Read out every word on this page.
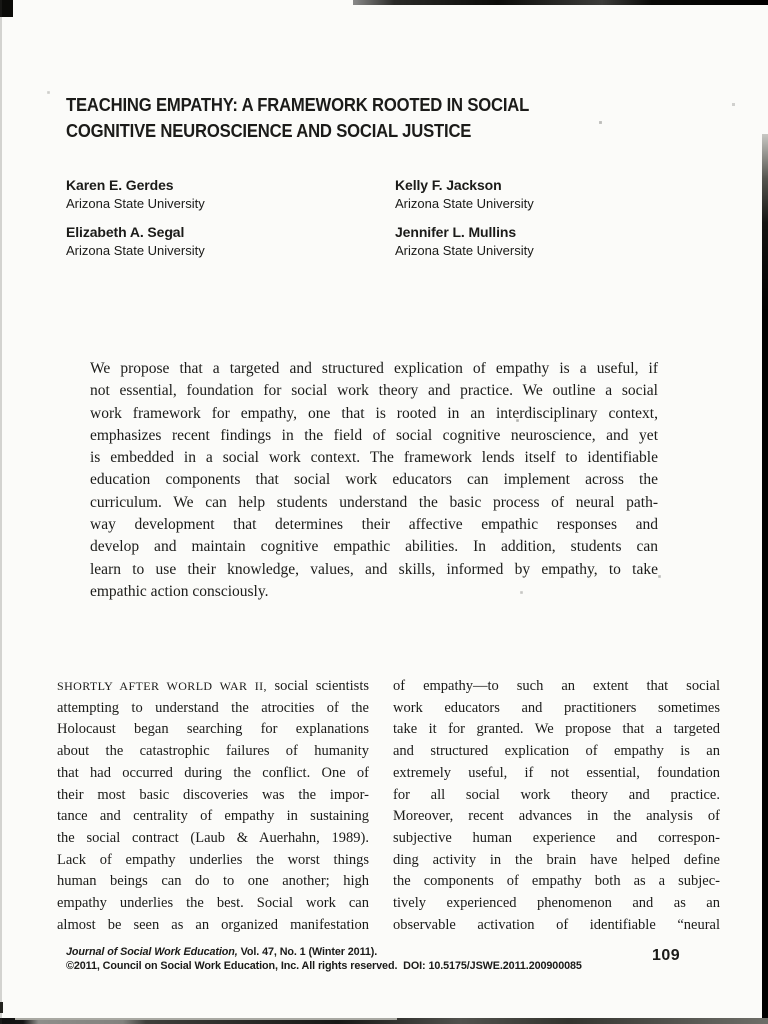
TEACHING EMPATHY: A FRAMEWORK ROOTED IN SOCIAL
COGNITIVE NEUROSCIENCE AND SOCIAL JUSTICE
Karen E. Gerdes
Arizona State University
Kelly F. Jackson
Arizona State University
Elizabeth A. Segal
Arizona State University
Jennifer L. Mullins
Arizona State University
We propose that a targeted and structured explication of empathy is a useful, if
not essential, foundation for social work theory and practice. We outline a social
work framework for empathy, one that is rooted in an interdisciplinary context,
emphasizes recent findings in the field of social cognitive neuroscience, and yet
is embedded in a social work context. The framework lends itself to identifiable
education components that social work educators can implement across the
curriculum. We can help students understand the basic process of neural path-
way development that determines their affective empathic responses and
develop and maintain cognitive empathic abilities. In addition, students can
learn to use their knowledge, values, and skills, informed by empathy, to take
empathic action consciously.
SHORTLY AFTER WORLD WAR II, social scientists
attempting to understand the atrocities of the
Holocaust began searching for explanations
about the catastrophic failures of humanity
that had occurred during the conflict. One of
their most basic discoveries was the impor-
tance and centrality of empathy in sustaining
the social contract (Laub & Auerhahn, 1989).
Lack of empathy underlies the worst things
human beings can do to one another; high
empathy underlies the best. Social work can
almost be seen as an organized manifestation
of empathy—to such an extent that social
work educators and practitioners sometimes
take it for granted. We propose that a targeted
and structured explication of empathy is an
extremely useful, if not essential, foundation
for all social work theory and practice.
Moreover, recent advances in the analysis of
subjective human experience and correspon-
ding activity in the brain have helped define
the components of empathy both as a subjec-
tively experienced phenomenon and as an
observable activation of identifiable “neural
Journal of Social Work Education, Vol. 47, No. 1 (Winter 2011).
©2011, Council on Social Work Education, Inc. All rights reserved.  DOI: 10.5175/JSWE.2011.200900085
109
